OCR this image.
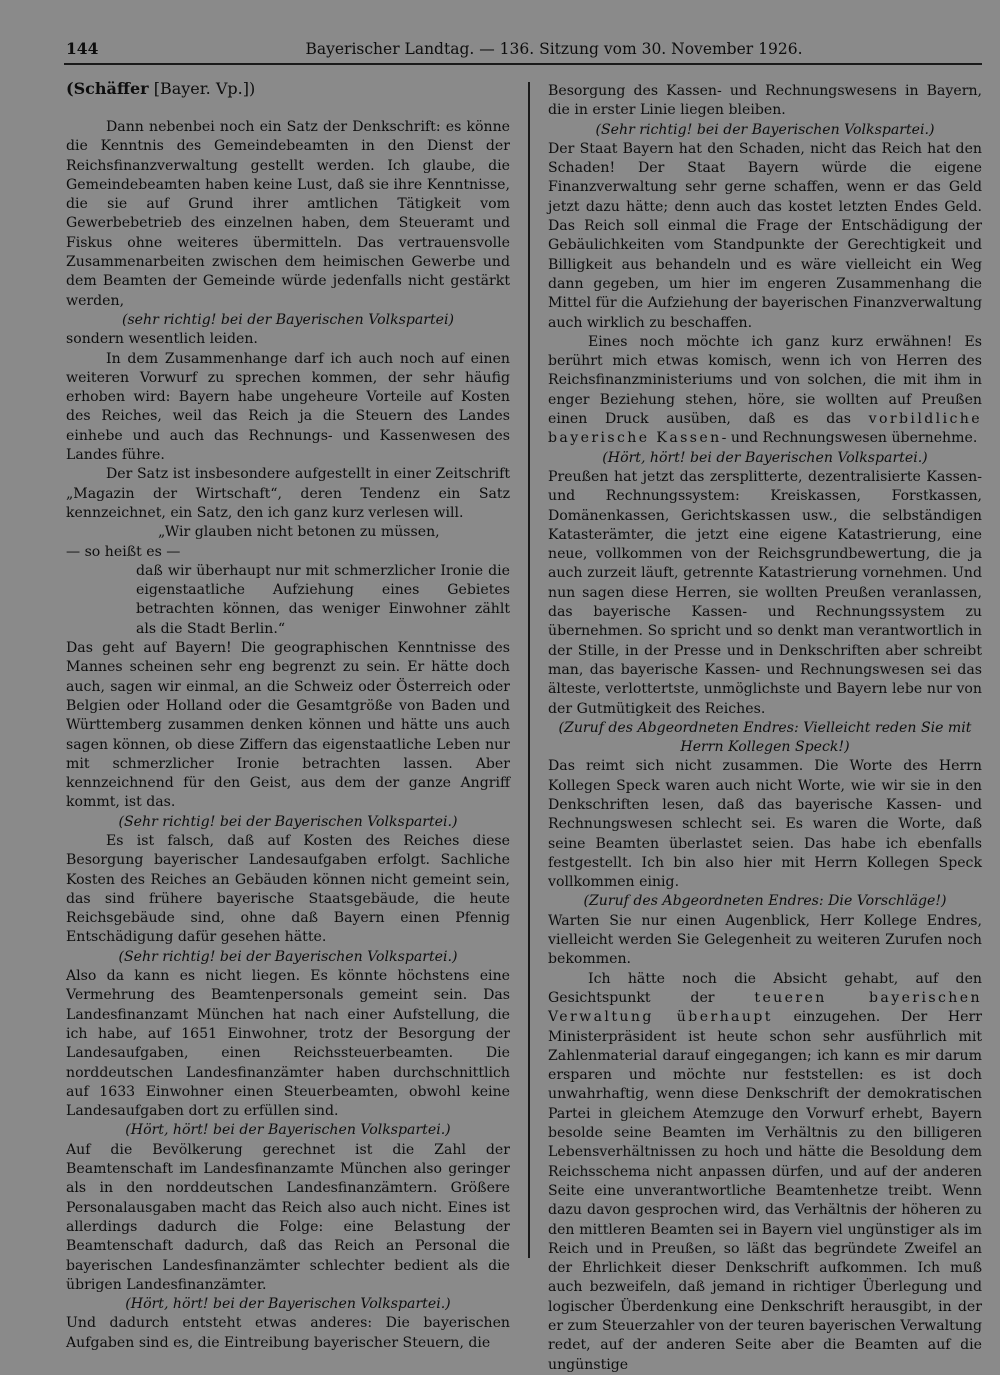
144	Bayerischer Landtag. — 136. Sitzung vom 30. November 1926.
(Schäffer [Bayer. Vp.])

Dann nebenbei noch ein Satz der Denkschrift: es könne die Kenntnis des Gemeindebeamten in den Dienst der Reichsfinanzverwaltung gestellt werden. Ich glaube, die Gemeindebeamten haben keine Lust, daß sie ihre Kenntnisse, die sie auf Grund ihrer amtlichen Tätigkeit vom Gewerbebetrieb des einzelnen haben, dem Steueramt und Fiskus ohne weiteres übermitteln. Das vertrauensvolle Zusammenarbeiten zwischen dem heimischen Gewerbe und dem Beamten der Gemeinde würde jedenfalls nicht gestärkt werden,

(sehr richtig! bei der Bayerischen Volkspartei)

sondern wesentlich leiden.

In dem Zusammenhange darf ich auch noch auf einen weiteren Vorwurf zu sprechen kommen, der sehr häufig erhoben wird: Bayern habe ungeheure Vorteile auf Kosten des Reiches, weil das Reich ja die Steuern des Landes einhebe und auch das Rechnungs- und Kassenwesen des Landes führe.

Der Satz ist insbesondere aufgestellt in einer Zeitschrift „Magazin der Wirtschaft“, deren Tendenz ein Satz kennzeichnet, ein Satz, den ich ganz kurz verlesen will.

„Wir glauben nicht betonen zu müssen,

— so heißt es —

daß wir überhaupt nur mit schmerzlicher Ironie die eigenstaatliche Aufziehung eines Gebietes betrachten können, das weniger Einwohner zählt als die Stadt Berlin.“

Das geht auf Bayern! Die geographischen Kenntnisse des Mannes scheinen sehr eng begrenzt zu sein. Er hätte doch auch, sagen wir einmal, an die Schweiz oder Österreich oder Belgien oder Holland oder die Gesamtgröße von Baden und Württemberg zusammen denken können und hätte uns auch sagen können, ob diese Ziffern das eigenstaatliche Leben nur mit schmerzlicher Ironie betrachten lassen. Aber kennzeichnend für den Geist, aus dem der ganze Angriff kommt, ist das.

(Sehr richtig! bei der Bayerischen Volkspartei.)

Es ist falsch, daß auf Kosten des Reiches diese Besorgung bayerischer Landesaufgaben erfolgt. Sachliche Kosten des Reiches an Gebäuden können nicht gemeint sein, das sind frühere bayerische Staatsgebäude, die heute Reichsgebäude sind, ohne daß Bayern einen Pfennig Entschädigung dafür gesehen hätte.

(Sehr richtig! bei der Bayerischen Volkspartei.)

Also da kann es nicht liegen. Es könnte höchstens eine Vermehrung des Beamtenpersonals gemeint sein. Das Landesfinanzamt München hat nach einer Aufstellung, die ich habe, auf 1651 Einwohner, trotz der Besorgung der Landesaufgaben, einen Reichssteuerbeamten. Die norddeutschen Landesfinanzämter haben durchschnittlich auf 1633 Einwohner einen Steuerbeamten, obwohl keine Landesaufgaben dort zu erfüllen sind.

(Hört, hört! bei der Bayerischen Volkspartei.)

Auf die Bevölkerung gerechnet ist die Zahl der Beamtenschaft im Landesfinanzamte München also geringer als in den norddeutschen Landesfinanzämtern. Größere Personalausgaben macht das Reich also auch nicht. Eines ist allerdings dadurch die Folge: eine Belastung der Beamtenschaft dadurch, daß das Reich an Personal die bayerischen Landesfinanzämter schlechter bedient als die übrigen Landesfinanzämter.

(Hört, hört! bei der Bayerischen Volkspartei.)

Und dadurch entsteht etwas anderes: Die bayerischen Aufgaben sind es, die Eintreibung bayerischer Steuern, die

Besorgung des Kassen- und Rechnungswesens in Bayern, die in erster Linie liegen bleiben.

(Sehr richtig! bei der Bayerischen Volkspartei.)

Der Staat Bayern hat den Schaden, nicht das Reich hat den Schaden! Der Staat Bayern würde die eigene Finanzverwaltung sehr gerne schaffen, wenn er das Geld jetzt dazu hätte; denn auch das kostet letzten Endes Geld. Das Reich soll einmal die Frage der Entschädigung der Gebäulichkeiten vom Standpunkte der Gerechtigkeit und Billigkeit aus behandeln und es wäre vielleicht ein Weg dann gegeben, um hier im engeren Zusammenhang die Mittel für die Aufziehung der bayerischen Finanzverwaltung auch wirklich zu beschaffen.

Eines noch möchte ich ganz kurz erwähnen! Es berührt mich etwas komisch, wenn ich von Herren des Reichsfinanzministeriums und von solchen, die mit ihm in enger Beziehung stehen, höre, sie wollten auf Preußen einen Druck ausüben, daß es das vorbildliche bayerische Kassen- und Rechnungswesen übernehme.

(Hört, hört! bei der Bayerischen Volkspartei.)

Preußen hat jetzt das zersplitterte, dezentralisierte Kassen- und Rechnungssystem: Kreiskassen, Forstkassen, Domänenkassen, Gerichtskassen usw., die selbständigen Katasterämter, die jetzt eine eigene Katastrierung, eine neue, vollkommen von der Reichsgrundbewertung, die ja auch zurzeit läuft, getrennte Katastrierung vornehmen. Und nun sagen diese Herren, sie wollten Preußen veranlassen, das bayerische Kassen- und Rechnungssystem zu übernehmen. So spricht und so denkt man verantwortlich in der Stille, in der Presse und in Denkschriften aber schreibt man, das bayerische Kassen- und Rechnungswesen sei das älteste, verlottertste, unmöglichste und Bayern lebe nur von der Gutmütigkeit des Reiches.

(Zuruf des Abgeordneten Endres: Vielleicht reden Sie mit Herrn Kollegen Speck!)

Das reimt sich nicht zusammen. Die Worte des Herrn Kollegen Speck waren auch nicht Worte, wie wir sie in den Denkschriften lesen, daß das bayerische Kassen- und Rechnungswesen schlecht sei. Es waren die Worte, daß seine Beamten überlastet seien. Das habe ich ebenfalls festgestellt. Ich bin also hier mit Herrn Kollegen Speck vollkommen einig.

(Zuruf des Abgeordneten Endres: Die Vorschläge!)

Warten Sie nur einen Augenblick, Herr Kollege Endres, vielleicht werden Sie Gelegenheit zu weiteren Zurufen noch bekommen.

Ich hätte noch die Absicht gehabt, auf den Gesichtspunkt der teueren bayerischen Verwaltung überhaupt einzugehen. Der Herr Ministerpräsident ist heute schon sehr ausführlich mit Zahlenmaterial darauf eingegangen; ich kann es mir darum ersparen und möchte nur feststellen: es ist doch unwahrhaftig, wenn diese Denkschrift der demokratischen Partei in gleichem Atemzuge den Vorwurf erhebt, Bayern besolde seine Beamten im Verhältnis zu den billigeren Lebensverhältnissen zu hoch und hätte die Besoldung dem Reichsschema nicht anpassen dürfen, und auf der anderen Seite eine unverantwortliche Beamtenhetze treibt. Wenn dazu davon gesprochen wird, das Verhältnis der höheren zu den mittleren Beamten sei in Bayern viel ungünstiger als im Reich und in Preußen, so läßt das begründete Zweifel an der Ehrlichkeit dieser Denkschrift aufkommen. Ich muß auch bezweifeln, daß jemand in richtiger Überlegung und logischer Überdenkung eine Denkschrift herausgibt, in der er zum Steuerzahler von der teuren bayerischen Verwaltung redet, auf der anderen Seite aber die Beamten auf die ungünstige
